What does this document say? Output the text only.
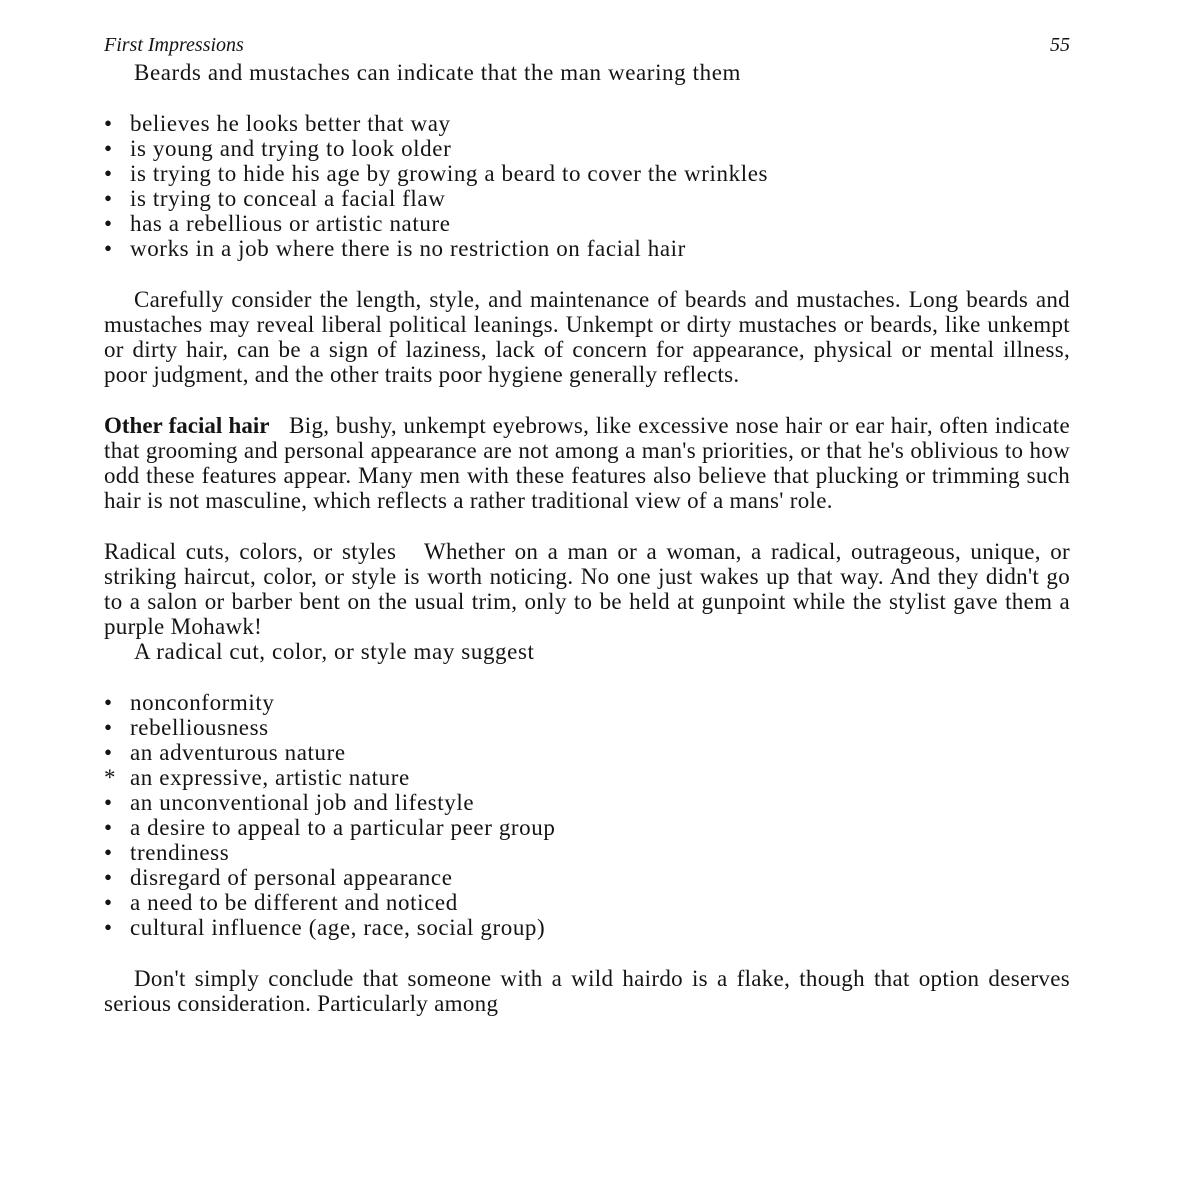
First Impressions	55
Beards and mustaches can indicate that the man wearing them
• believes he looks better that way
• is young and trying to look older
• is trying to hide his age by growing a beard to cover the wrinkles
• is trying to conceal a facial flaw
• has a rebellious or artistic nature
• works in a job where there is no restriction on facial hair

Carefully consider the length, style, and maintenance of beards and mustaches. Long beards and mustaches may reveal liberal political leanings. Unkempt or dirty mustaches or beards, like unkempt or dirty hair, can be a sign of laziness, lack of concern for appearance, physical or mental illness, poor judgment, and the other traits poor hygiene generally reflects.

Other facial hair Big, bushy, unkempt eyebrows, like excessive nose hair or ear hair, often indicate that grooming and personal appearance are not among a man's priorities, or that he's oblivious to how odd these features appear. Many men with these features also believe that plucking or trimming such hair is not masculine, which reflects a rather traditional view of a mans' role.

Radical cuts, colors, or styles Whether on a man or a woman, a radical, outrageous, unique, or striking haircut, color, or style is worth noticing. No one just wakes up that way. And they didn't go to a salon or barber bent on the usual trim, only to be held at gunpoint while the stylist gave them a purple Mohawk!

A radical cut, color, or style may suggest
• nonconformity
• rebelliousness
• an adventurous nature
* an expressive, artistic nature
• an unconventional job and lifestyle
• a desire to appeal to a particular peer group
• trendiness
• disregard of personal appearance
• a need to be different and noticed
• cultural influence (age, race, social group)

Don't simply conclude that someone with a wild hairdo is a flake, though that option deserves serious consideration. Particularly among
